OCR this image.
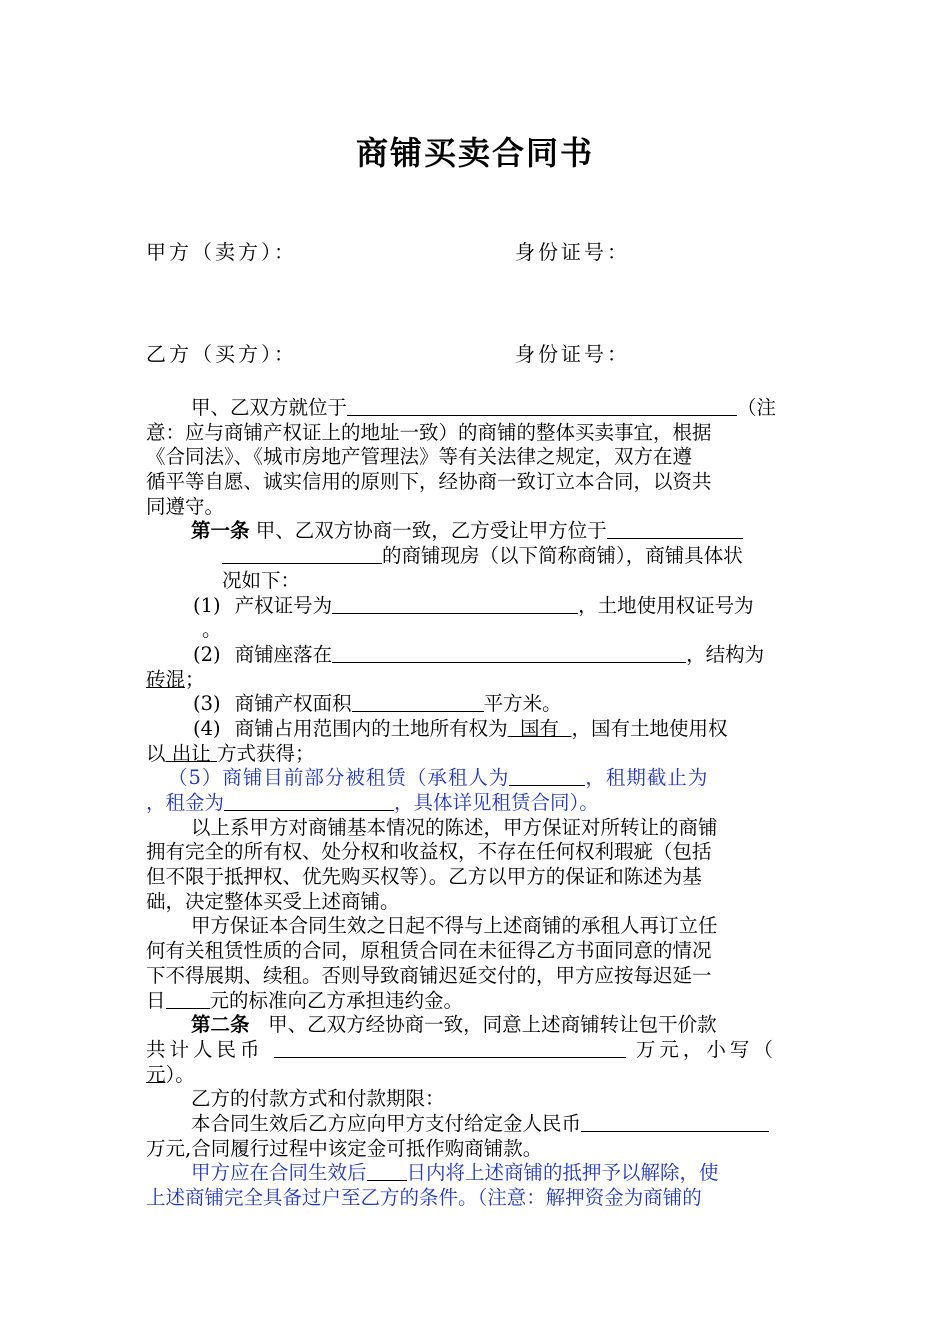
商铺买卖合同书
甲方（卖方）：	身份证号：
乙方（买方）：	身份证号：
甲、乙双方就位于	（注
意：应与商铺产权证上的地址一致）的商铺的整体买卖事宜，根据
《合同法》、《城市房地产管理法》等有关法律之规定，双方在遵
循平等自愿、诚实信用的原则下，经协商一致订立本合同，以资共
同遵守。
第一条 甲、乙双方协商一致，乙方受让甲方位于
的商铺现房（以下简称商铺），商铺具体状
况如下：
(1) 产权证号为	，土地使用权证号为
。
(2) 商铺座落在	，结构为
砖混；
(3) 商铺产权面积	平方米。
(4) 商铺占用范围内的土地所有权为 国有 ，国有土地使用权
以 出让 方式获得；
（5）商铺目前部分被租赁（承租人为	，租期截止为
，租金为	，具体详见租赁合同）。
以上系甲方对商铺基本情况的陈述，甲方保证对所转让的商铺
拥有完全的所有权、处分权和收益权，不存在任何权利瑕疵（包括
但不限于抵押权、优先购买权等）。乙方以甲方的保证和陈述为基
础，决定整体买受上述商铺。
甲方保证本合同生效之日起不得与上述商铺的承租人再订立任
何有关租赁性质的合同，原租赁合同在未征得乙方书面同意的情况
下不得展期、续租。否则导致商铺迟延交付的，甲方应按每迟延一
日 元的标准向乙方承担违约金。
第二条 甲、乙双方经协商一致，同意上述商铺转让包干价款
共计人民币	万元，小写（
元）。
乙方的付款方式和付款期限：
本合同生效后乙方应向甲方支付给定金人民币
万元,合同履行过程中该定金可抵作购商铺款。
甲方应在合同生效后 日内将上述商铺的抵押予以解除，使
上述商铺完全具备过户至乙方的条件。（注意：解押资金为商铺的
